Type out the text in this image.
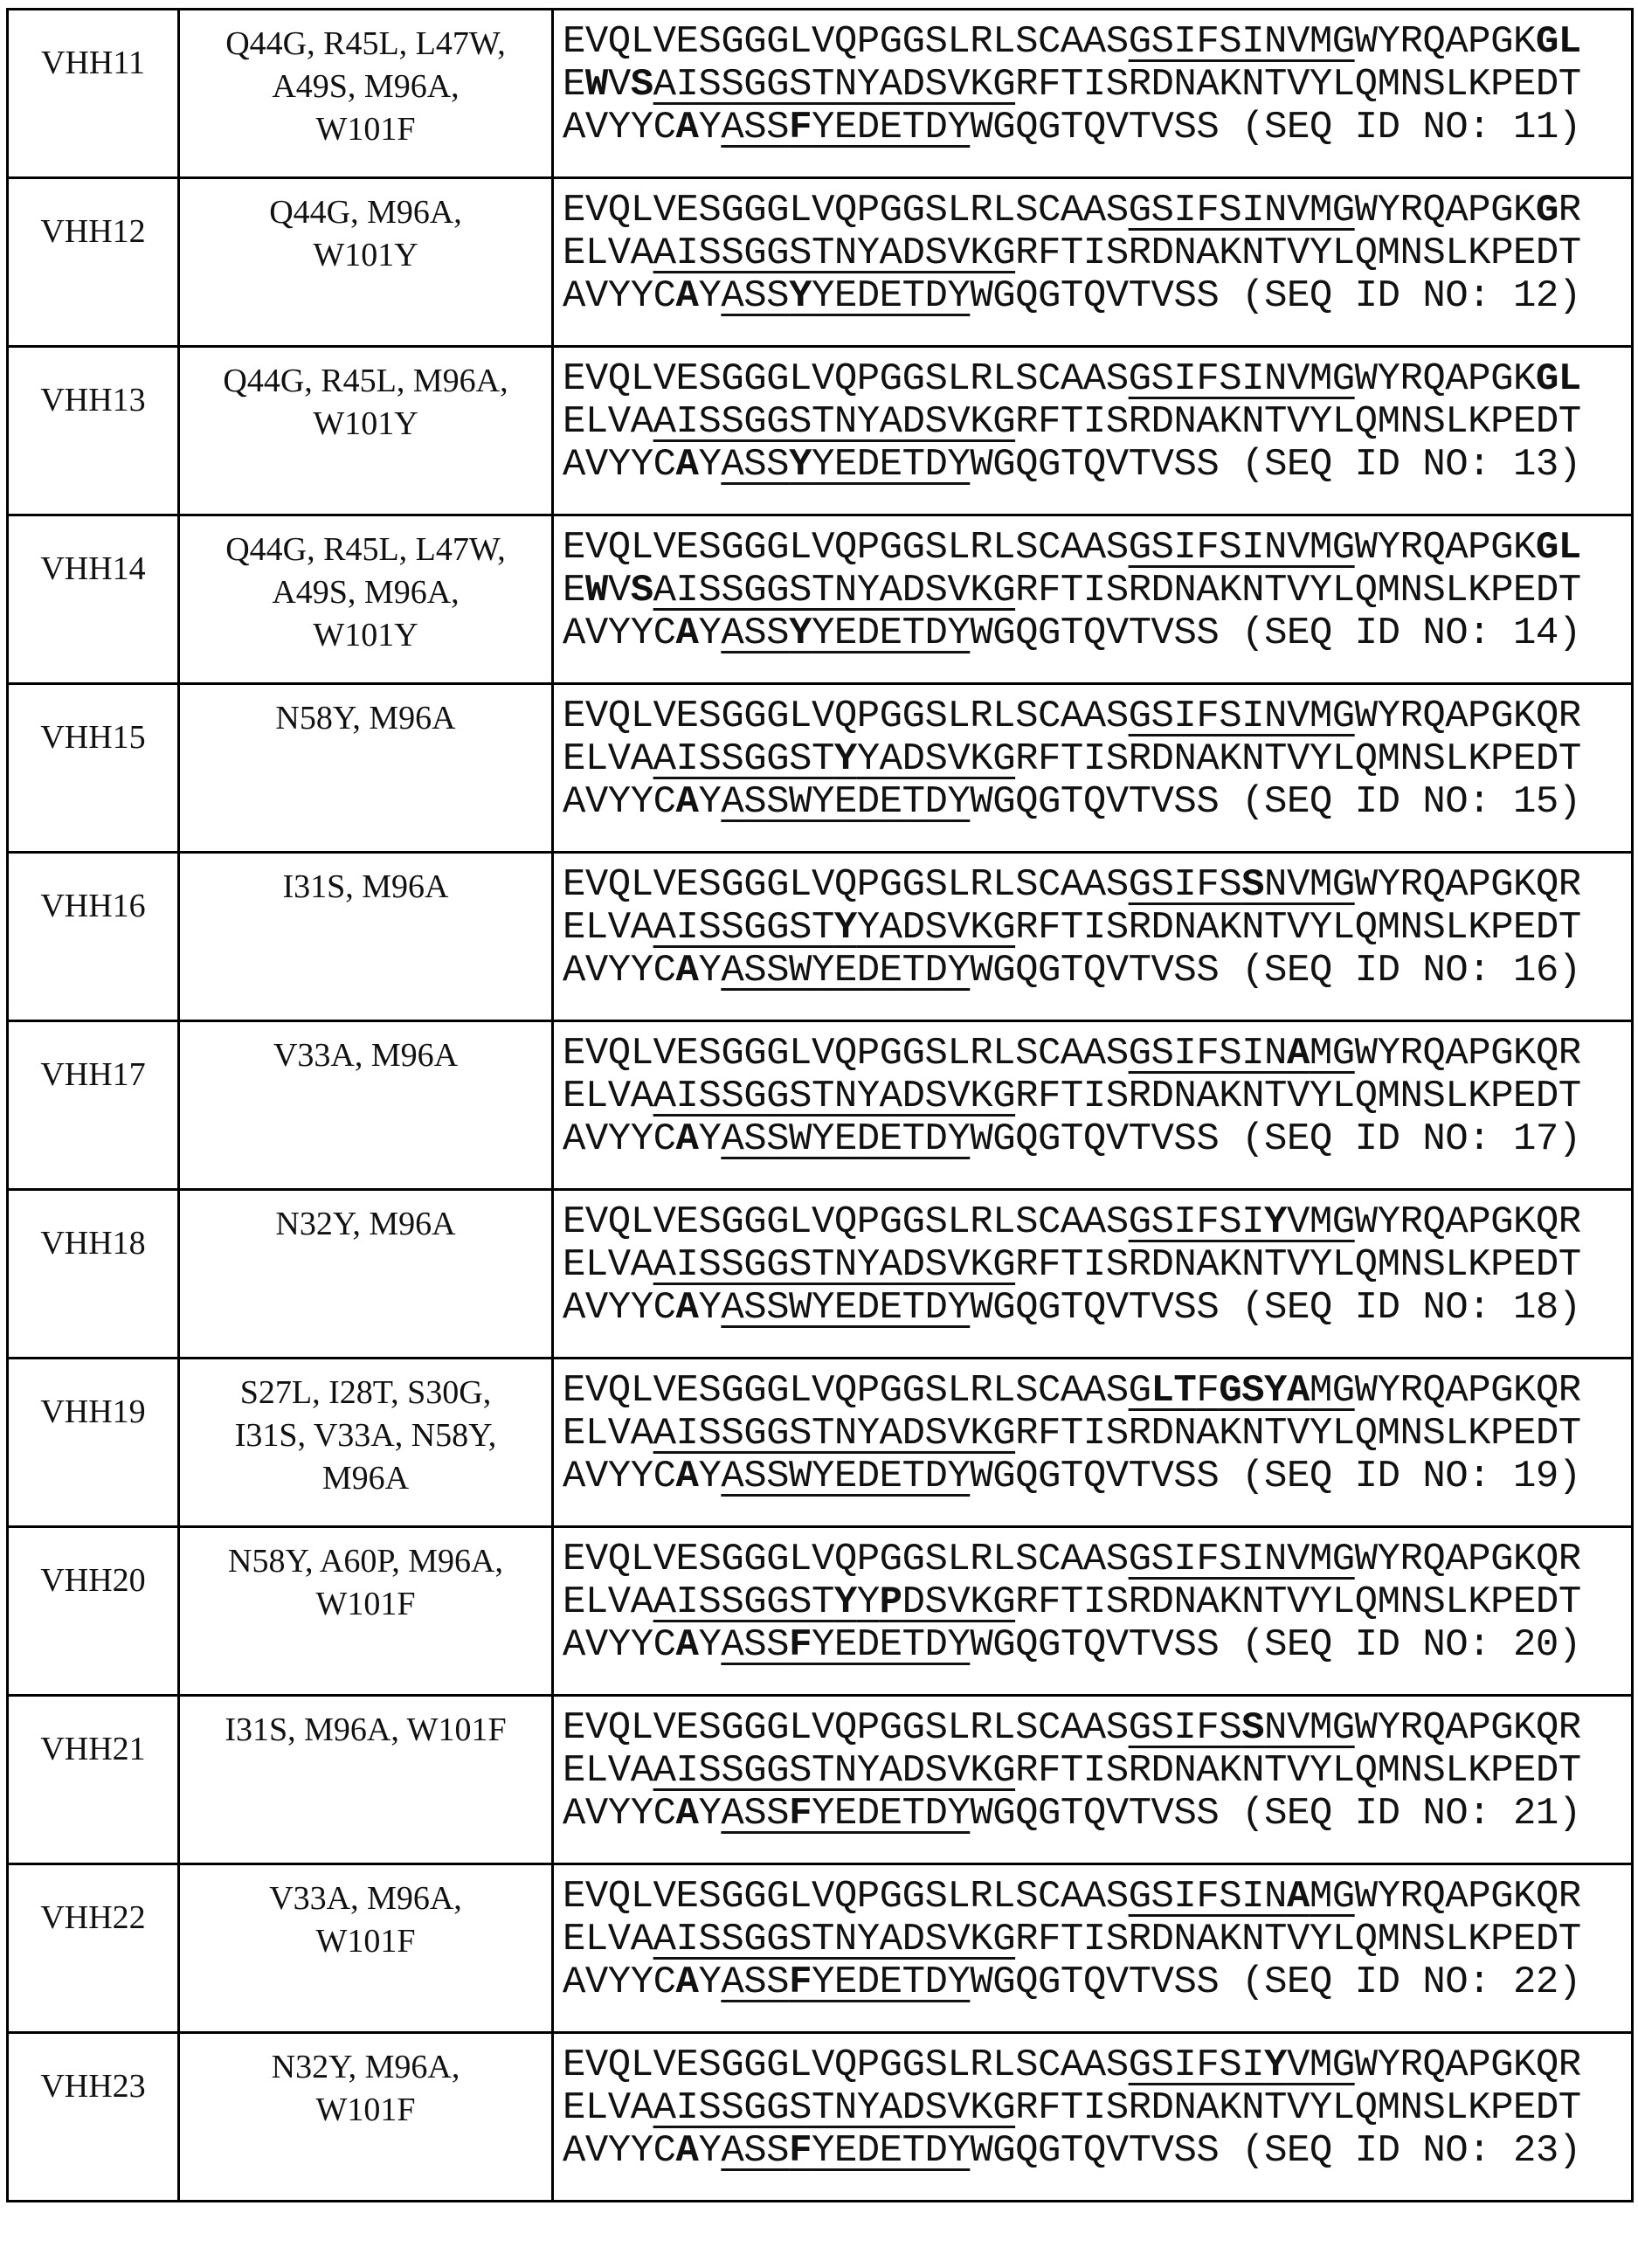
VHH11	
Q44G, R45L, L47W,
A49S, M96A,
W101F

EVQLVESGGGLVQPGGSLRLSCAASGSIFSINVMGWYRQAPGKGL
EWVSAISSGGSTNYADSVKGRFTISRDNAKNTVYLQMNSLKPEDT
AVYYCAYASSFYEDETDYWGQGTQVTVSS (SEQ ID NO: 11)

VHH12	
Q44G, M96A,
W101Y

EVQLVESGGGLVQPGGSLRLSCAASGSIFSINVMGWYRQAPGKGR
ELVAAISSGGSTNYADSVKGRFTISRDNAKNTVYLQMNSLKPEDT
AVYYCAYASSYYEDETDYWGQGTQVTVSS (SEQ ID NO: 12)

VHH13	
Q44G, R45L, M96A,
W101Y

EVQLVESGGGLVQPGGSLRLSCAASGSIFSINVMGWYRQAPGKGL
ELVAAISSGGSTNYADSVKGRFTISRDNAKNTVYLQMNSLKPEDT
AVYYCAYASSYYEDETDYWGQGTQVTVSS (SEQ ID NO: 13)

VHH14	
Q44G, R45L, L47W,
A49S, M96A,
W101Y

EVQLVESGGGLVQPGGSLRLSCAASGSIFSINVMGWYRQAPGKGL
EWVSAISSGGSTNYADSVKGRFTISRDNAKNTVYLQMNSLKPEDT
AVYYCAYASSYYEDETDYWGQGTQVTVSS (SEQ ID NO: 14)

VHH15	N58Y, M96A	EVQLVESGGGLVQPGGSLRLSCAASGSIFSINVMGWYRQAPGKQR
ELVAAISSGGSTYYADSVKGRFTISRDNAKNTVYLQMNSLKPEDT
AVYYCAYASSWYEDETDYWGQGTQVTVSS (SEQ ID NO: 15)

VHH16	I31S, M96A	EVQLVESGGGLVQPGGSLRLSCAASGSIFSSNVMGWYRQAPGKQR
ELVAAISSGGSTYYADSVKGRFTISRDNAKNTVYLQMNSLKPEDT
AVYYCAYASSWYEDETDYWGQGTQVTVSS (SEQ ID NO: 16)

VHH17	V33A, M96A	EVQLVESGGGLVQPGGSLRLSCAASGSIFSINAMGWYRQAPGKQR
ELVAAISSGGSTNYADSVKGRFTISRDNAKNTVYLQMNSLKPEDT
AVYYCAYASSWYEDETDYWGQGTQVTVSS (SEQ ID NO: 17)

VHH18	N32Y, M96A	EVQLVESGGGLVQPGGSLRLSCAASGSIFSIYVMGWYRQAPGKQR
ELVAAISSGGSTNYADSVKGRFTISRDNAKNTVYLQMNSLKPEDT
AVYYCAYASSWYEDETDYWGQGTQVTVSS (SEQ ID NO: 18)

VHH19	
S27L, I28T, S30G,
I31S, V33A, N58Y,
M96A

EVQLVESGGGLVQPGGSLRLSCAASGLTFGSYAMGWYRQAPGKQR
ELVAAISSGGSTNYADSVKGRFTISRDNAKNTVYLQMNSLKPEDT
AVYYCAYASSWYEDETDYWGQGTQVTVSS (SEQ ID NO: 19)

VHH20	
N58Y, A60P, M96A,
W101F

EVQLVESGGGLVQPGGSLRLSCAASGSIFSINVMGWYRQAPGKQR
ELVAAISSGGSTYYPDSVKGRFTISRDNAKNTVYLQMNSLKPEDT
AVYYCAYASSFYEDETDYWGQGTQVTVSS (SEQ ID NO: 20)

VHH21	I31S, M96A, W101F	EVQLVESGGGLVQPGGSLRLSCAASGSIFSSNVMGWYRQAPGKQR
ELVAAISSGGSTNYADSVKGRFTISRDNAKNTVYLQMNSLKPEDT
AVYYCAYASSFYEDETDYWGQGTQVTVSS (SEQ ID NO: 21)

VHH22	
V33A, M96A,
W101F

EVQLVESGGGLVQPGGSLRLSCAASGSIFSINAMGWYRQAPGKQR
ELVAAISSGGSTNYADSVKGRFTISRDNAKNTVYLQMNSLKPEDT
AVYYCAYASSFYEDETDYWGQGTQVTVSS (SEQ ID NO: 22)

VHH23	
N32Y, M96A,
W101F

EVQLVESGGGLVQPGGSLRLSCAASGSIFSIYVMGWYRQAPGKQR
ELVAAISSGGSTNYADSVKGRFTISRDNAKNTVYLQMNSLKPEDT
AVYYCAYASSFYEDETDYWGQGTQVTVSS (SEQ ID NO: 23)
